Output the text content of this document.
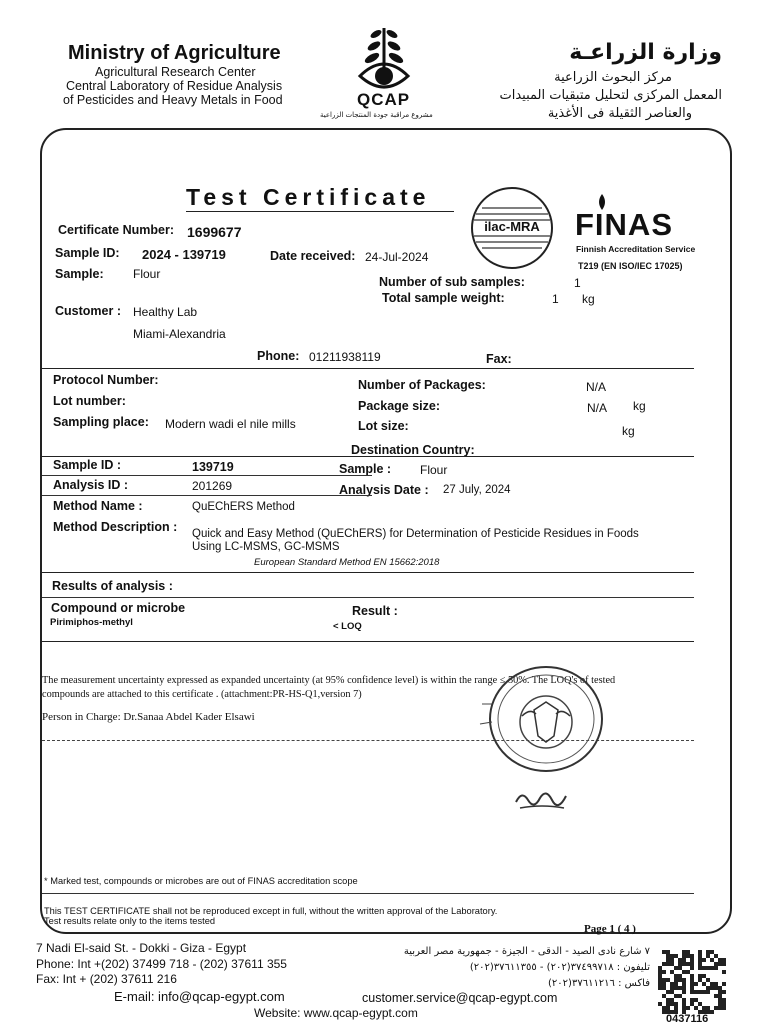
Ministry of Agriculture
Agricultural Research Center
Central Laboratory of Residue Analysis
of Pesticides and Heavy Metals in Food	QCAP
مشروع مراقبة جودة المنتجات الزراعية
وزارة الزراعـة
مركز البحوث الزراعية
المعمل المركزى لتحليل متبقيات المبيدات
والعناصر الثقيلة فى الأغذية
Test Certificate
ilac-MRA	FINAS
Finnish Accreditation Service
T219 (EN ISO/IEC 17025)
Certificate Number: 1699677
Sample ID: 2024 - 139719	Date received: 24-Jul-2024
Sample: Flour
Number of sub samples:	1
Total sample weight:	1 kg
Customer : Healthy Lab
Miami-Alexandria
Phone: 01211938119	Fax:
Protocol Number:
Lot number:
Sampling place: Modern wadi el nile mills
Number of Packages:	N/A
Package size:	N/A kg
Lot size:	kg
Destination Country:
Sample ID :	139719	Sample : Flour
Analysis ID :	201269	Analysis Date : 27 July, 2024
Method Name :	QuEChERS Method
Method Description : Quick and Easy Method (QuEChERS) for Determination of Pesticide Residues in Foods
Using LC-MSMS, GC-MSMS
European Standard Method EN 15662:2018
Results of analysis :
Compound or microbe	Result :
Pirimiphos-methyl	< LOQ
The measurement uncertainty expressed as expanded uncertainty (at 95% confidence level) is within the range ≤ 50%. The LOQ's of tested
compounds are attached to this certificate . (attachment:PR-HS-Q1,version 7)
Person in Charge: Dr.Sanaa Abdel Kader Elsawi
* Marked test, compounds or microbes are out of FINAS accreditation scope
This TEST CERTIFICATE shall not be reproduced except in full, without the written approval of the Laboratory.
Test results relate only to the items tested
Page 1 ( 4 )
7 Nadi El-said St. - Dokki - Giza - Egypt
Phone: Int +(202) 37499 718 - (202) 37611 355
Fax: Int + (202) 37611 216
E-mail: info@qcap-egypt.com
Website: www.qcap-egypt.com
٧ شارع نادى الصيد - الدقى - الجيزة - جمهورية مصر العربية
تليفون : ٣٧٤٩٩٧١٨(٢٠٢) - ٣٧٦١١٣٥٥(٢٠٢)
فاكس : ٣٧٦١١٢١٦(٢٠٢)
customer.service@qcap-egypt.com
0437116
